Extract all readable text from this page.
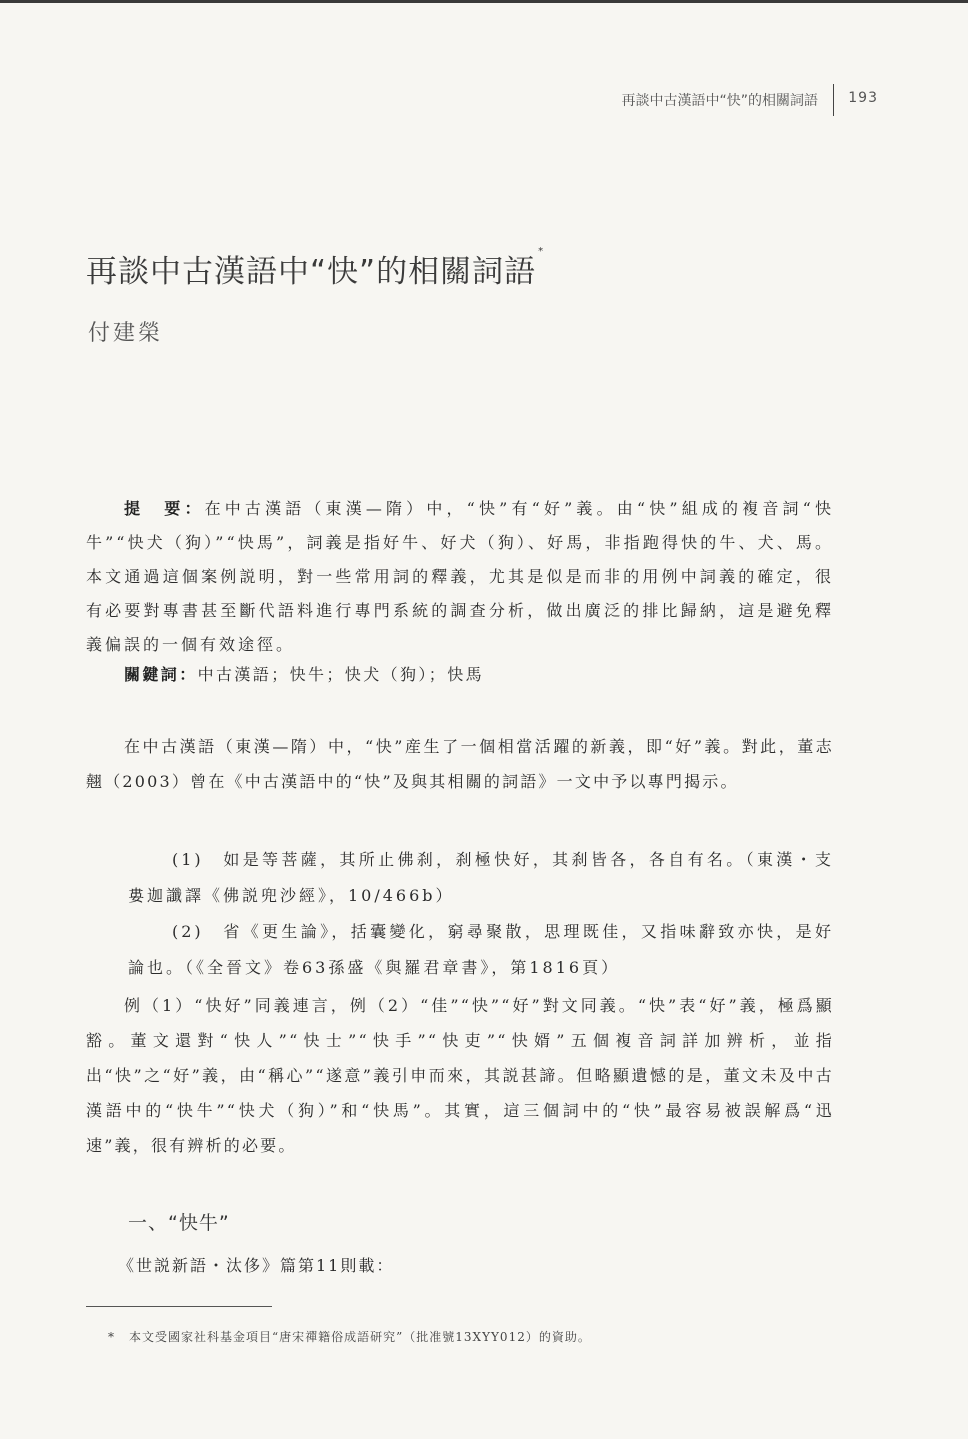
再談中古漢語中“快”的相關詞語 193
再談中古漢語中“快”的相關詞語*
付建榮

提　要：在中古漢語（東漢—隋）中，“快”有“好”義。由“快”組成的複音詞“快牛”“快犬（狗）”“快馬”，詞義是指好牛、好犬（狗）、好馬，非指跑得快的牛、犬、馬。本文通過這個案例説明，對一些常用詞的釋義，尤其是似是而非的用例中詞義的確定，很有必要對專書甚至斷代語料進行專門系統的調查分析，做出廣泛的排比歸納，這是避免釋義偏誤的一個有效途徑。

關鍵詞：中古漢語；快牛；快犬（狗）；快馬

在中古漢語（東漢—隋）中，“快”産生了一個相當活躍的新義，即“好”義。對此，董志翹（2003）曾在《中古漢語中的“快”及與其相關的詞語》一文中予以專門揭示。

(1)　 如是等菩薩，其所止佛刹，刹極快好，其刹皆各，各自有名。（東漢・支婁迦讖譯《佛説兜沙經》，10/466b）

(2)　 省《更生論》，括囊變化，窮尋聚散，思理既佳，又指味辭致亦快，是好論也。（《全晉文》卷63孫盛《與羅君章書》，第1816頁）

例（1）“快好”同義連言，例（2）“佳”“快”“好”對文同義。“快”表“好”義，極爲顯豁。董文還對“快人”“快士”“快手”“快吏”“快婿”五個複音詞詳加辨析，並指出“快”之“好”義，由“稱心”“遂意”義引申而來，其説甚諦。但略顯遺憾的是，董文未及中古漢語中的“快牛”“快犬（狗）”和“快馬”。其實，這三個詞中的“快”最容易被誤解爲“迅速”義，很有辨析的必要。

一、“快牛”
《世説新語・汰侈》篇第11則載：
* 本文受國家社科基金項目“唐宋禪籍俗成語研究”（批准號13XYY012）的資助。
